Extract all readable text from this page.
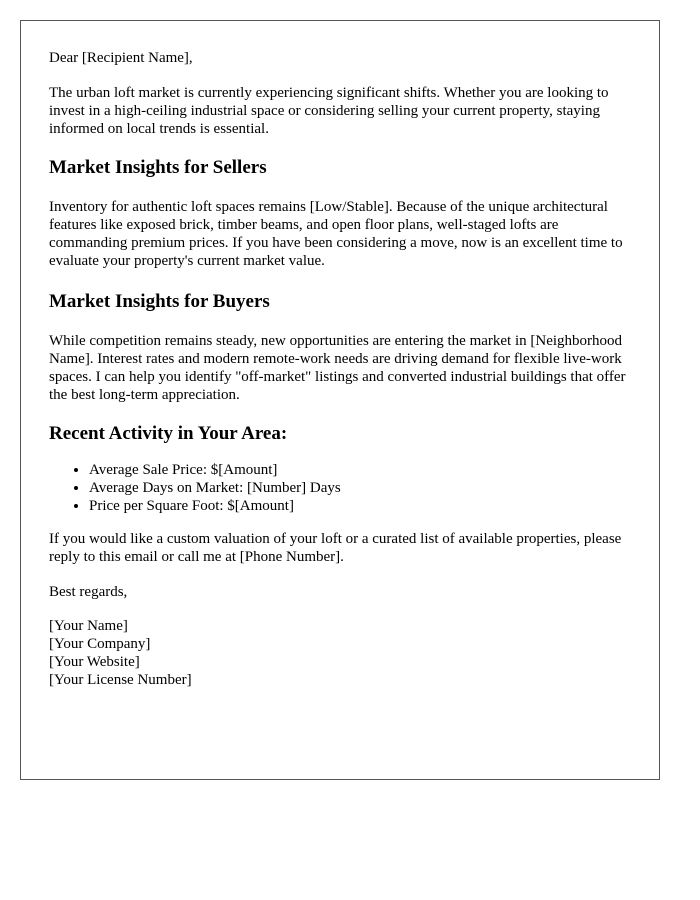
Dear [Recipient Name],

The urban loft market is currently experiencing significant shifts. Whether you are looking to invest in a high-ceiling industrial space or considering selling your current property, staying informed on local trends is essential.

Market Insights for Sellers

Inventory for authentic loft spaces remains [Low/Stable]. Because of the unique architectural features like exposed brick, timber beams, and open floor plans, well-staged lofts are commanding premium prices. If you have been considering a move, now is an excellent time to evaluate your property's current market value.

Market Insights for Buyers

While competition remains steady, new opportunities are entering the market in [Neighborhood Name]. Interest rates and modern remote-work needs are driving demand for flexible live-work spaces. I can help you identify "off-market" listings and converted industrial buildings that offer the best long-term appreciation.

Recent Activity in Your Area:
• Average Sale Price: $[Amount]
• Average Days on Market: [Number] Days
• Price per Square Foot: $[Amount]

If you would like a custom valuation of your loft or a curated list of available properties, please reply to this email or call me at [Phone Number].

Best regards,

[Your Name]
[Your Company]
[Your Website]
[Your License Number]
